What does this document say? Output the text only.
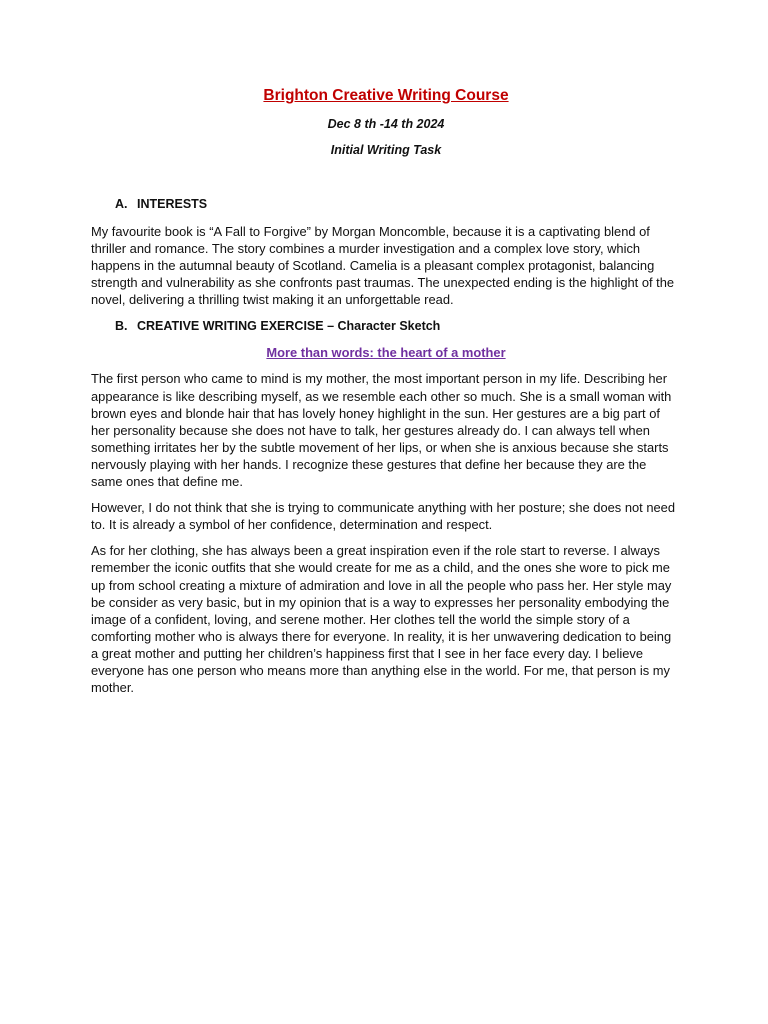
Brighton Creative Writing Course
Dec 8 th -14 th 2024
Initial Writing Task
A. INTERESTS

My favourite book is “A Fall to Forgive” by Morgan Moncomble, because it is a captivating blend of thriller and romance. The story combines a murder investigation and a complex love story, which happens in the autumnal beauty of Scotland. Camelia is a pleasant complex protagonist, balancing strength and vulnerability as she confronts past traumas. The unexpected ending is the highlight of the novel, delivering a thrilling twist making it an unforgettable read.

B. CREATIVE WRITING EXERCISE – Character Sketch
More than words: the heart of a mother

The first person who came to mind is my mother, the most important person in my life. Describing her appearance is like describing myself, as we resemble each other so much. She is a small woman with brown eyes and blonde hair that has lovely honey highlight in the sun. Her gestures are a big part of her personality because she does not have to talk, her gestures already do. I can always tell when something irritates her by the subtle movement of her lips, or when she is anxious because she starts nervously playing with her hands. I recognize these gestures that define her because they are the same ones that define me.

However, I do not think that she is trying to communicate anything with her posture; she does not need to. It is already a symbol of her confidence, determination and respect.

As for her clothing, she has always been a great inspiration even if the role start to reverse. I always remember the iconic outfits that she would create for me as a child, and the ones she wore to pick me up from school creating a mixture of admiration and love in all the people who pass her. Her style may be consider as very basic, but in my opinion that is a way to expresses her personality embodying the image of a confident, loving, and serene mother. Her clothes tell the world the simple story of a comforting mother who is always there for everyone. In reality, it is her unwavering dedication to being a great mother and putting her children’s happiness first that I see in her face every day. I believe everyone has one person who means more than anything else in the world. For me, that person is my mother.
